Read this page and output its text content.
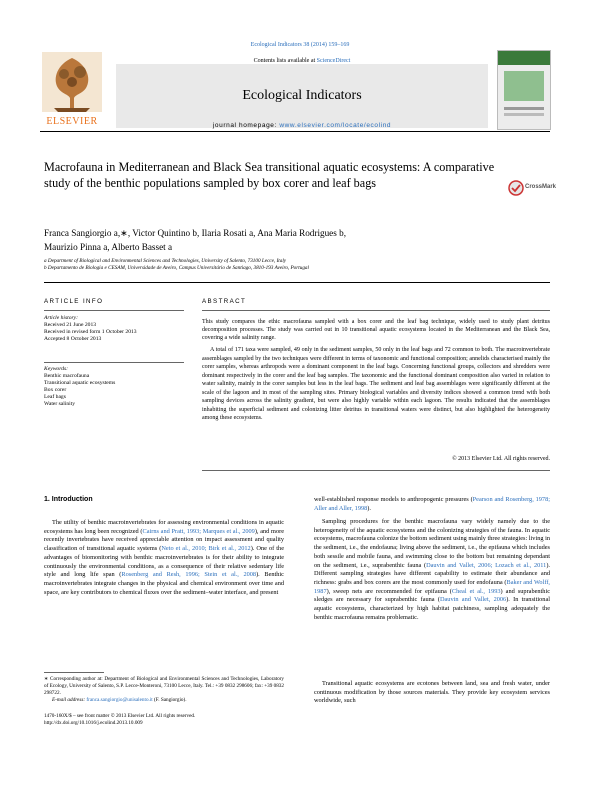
Ecological Indicators 38 (2014) 159–169
ELSEVIER
Contents lists available at ScienceDirect
Ecological Indicators
journal homepage: www.elsevier.com/locate/ecolind
Macrofauna in Mediterranean and Black Sea transitional aquatic ecosystems: A comparative study of the benthic populations sampled by box corer and leaf bags	CrossMark
Franca Sangiorgio a,∗, Victor Quintino b, Ilaria Rosati a, Ana Maria Rodrigues b,
Maurizio Pinna a, Alberto Basset a
a Department of Biological and Environmental Sciences and Technologies, University of Salento, 73100 Lecce, Italy
b Departamento de Biologia e CESAM, Universidade de Aveiro, Campus Universitário de Santiago, 3810-193 Aveiro, Portugal
ARTICLE INFO
Article history:
Received 21 June 2013
Received in revised form 1 October 2013
Accepted 8 October 2013
Keywords:
Benthic macrofauna
Transitional aquatic ecosystems
Box corer
Leaf bags
Water salinity
ABSTRACT
This study compares the ethic macrofauna sampled with a box corer and the leaf bag technique, widely used to study plant detritus decomposition processes. The study was carried out in 10 transitional aquatic ecosystems located in the Mediterranean and the Black Sea, covering a wide salinity range.
A total of 171 taxa were sampled, 49 only in the sediment samples, 50 only in the leaf bags and 72 common to both. The macroinvertebrate assemblages sampled by the two techniques were different in terms of taxonomic and functional composition; annelids characterised mainly the corer samples, whereas arthropods were a dominant component in the leaf bags. Concerning functional groups, collectors and shredders were dominant respectively in the corer and the leaf bag samples. The taxonomic and the functional dominant composition also varied in relation to water salinity, mainly in the corer samples but less in the leaf bags. The sediment and leaf bag assemblages were significantly different at the scale of the lagoon and in most of the sampling sites. Primary biological variables and diversity indices showed a common trend with both sampling devices across the salinity gradient, but were also highly variable within each lagoon. The results indicated that the assemblages inhabiting the superficial sediment and colonizing litter detritus in transitional waters were distinct, but also highlighted the heterogeneity among these ecosystems.
© 2013 Elsevier Ltd. All rights reserved.
1. Introduction
The utility of benthic macroinvertebrates for assessing environmental conditions in aquatic ecosystems has long been recognized (Cairns and Pratt, 1993; Marques et al., 2009), and more recently invertebrates have received appreciable attention on impact assessment and quality classification of transitional aquatic systems (Neto et al., 2010; Birk et al., 2012). One of the advantages of biomonitoring with benthic macroinvertebrates is for their ability to integrate continuously the environmental conditions, as a consequence of their relative sedentary life style and long life span (Rosenberg and Resh, 1996; Stein et al., 2008). Benthic macroinvertebrates integrate changes in the physical and chemical environment over time and space, are key contributors to chemical fluxes over the sediment–water interface, and present
∗ Corresponding author at: Department of Biological and Environmental Sciences and Technologies, Laboratory of Ecology, University of Salento, S.P. Lecce-Monteroni, 73100 Lecce, Italy. Tel.: +39 0832 298606; fax: +39 0832 298722.
E-mail address: franca.sangiorgio@unisalento.it (F. Sangiorgio).
1470-160X/$ – see front matter © 2013 Elsevier Ltd. All rights reserved.
http://dx.doi.org/10.1016/j.ecolind.2013.10.009
well-established response models to anthropogenic pressures (Pearson and Rosenberg, 1978; Aller and Aller, 1998).
Sampling procedures for the benthic macrofauna vary widely namely due to the heterogeneity of the aquatic ecosystems and the colonizing strategies of the fauna. In aquatic ecosystems, macrofauna colonize the bottom sediment using mainly three strategies: living in the sediment, i.e., the endofauna; living above the sediment, i.e., the epifauna which includes both sessile and mobile fauna, and swimming close to the bottom but remaining dependant on the sediment, i.e., suprabenthic fauna (Dauvin and Vallet, 2006; Lozach et al., 2011). Different sampling strategies have different capability to estimate their abundance and richness: grabs and box corers are the most commonly used for endofauna (Baker and Wolff, 1987), sweep nets are recommended for epifauna (Cheal et al., 1993) and suprabenthic sledges are necessary for suprabenthic fauna (Dauvin and Vallet, 2006). In transitional aquatic ecosystems, characterized by high habitat patchiness, sampling adequately the benthic macrofauna remains problematic.
Transitional aquatic ecosystems are ecotones between land, sea and fresh water, under continuous modification by those sources materials. They provide key ecosystem services worldwide, such
